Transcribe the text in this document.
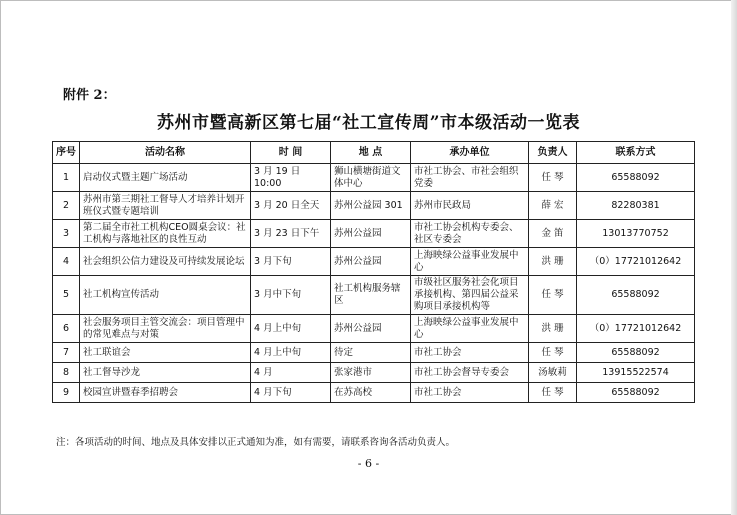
附件 2：
苏州市暨高新区第七届“社工宣传周”市本级活动一览表
序号	活动名称	时 间	地 点	承办单位	负责人	联系方式
1	启动仪式暨主题广场活动	3 月 19 日 10:00	狮山横塘街道文体中心	市社工协会、市社会组织党委	任 琴	65588092
2	苏州市第三期社工督导人才培养计划开班仪式暨专题培训	3 月 20 日全天	苏州公益园 301	苏州市民政局	薛 宏	82280381
3	第二届全市社工机构CEO圆桌会议：社工机构与落地社区的良性互动	3 月 23 日下午	苏州公益园	市社工协会机构专委会、社区专委会	金 笛	13013770752
4	社会组织公信力建设及可持续发展论坛	3 月下旬	苏州公益园	上海映绿公益事业发展中心	洪 珊	（0）17721012642
5	社工机构宣传活动	3 月中下旬	社工机构服务辖区	市级社区服务社会化项目承接机构、第四届公益采购项目承接机构等	任 琴	65588092
6	社会服务项目主管交流会：项目管理中的常见难点与对策	4 月上中旬	苏州公益园	上海映绿公益事业发展中心	洪 珊	（0）17721012642
7	社工联谊会	4 月上中旬	待定	市社工协会	任 琴	65588092
8	社工督导沙龙	4 月	张家港市	市社工协会督导专委会	汤敏莉	13915522574
9	校园宣讲暨春季招聘会	4 月下旬	在苏高校	市社工协会	任 琴	65588092
注：各项活动的时间、地点及具体安排以正式通知为准，如有需要，请联系咨询各活动负责人。
- 6 -
